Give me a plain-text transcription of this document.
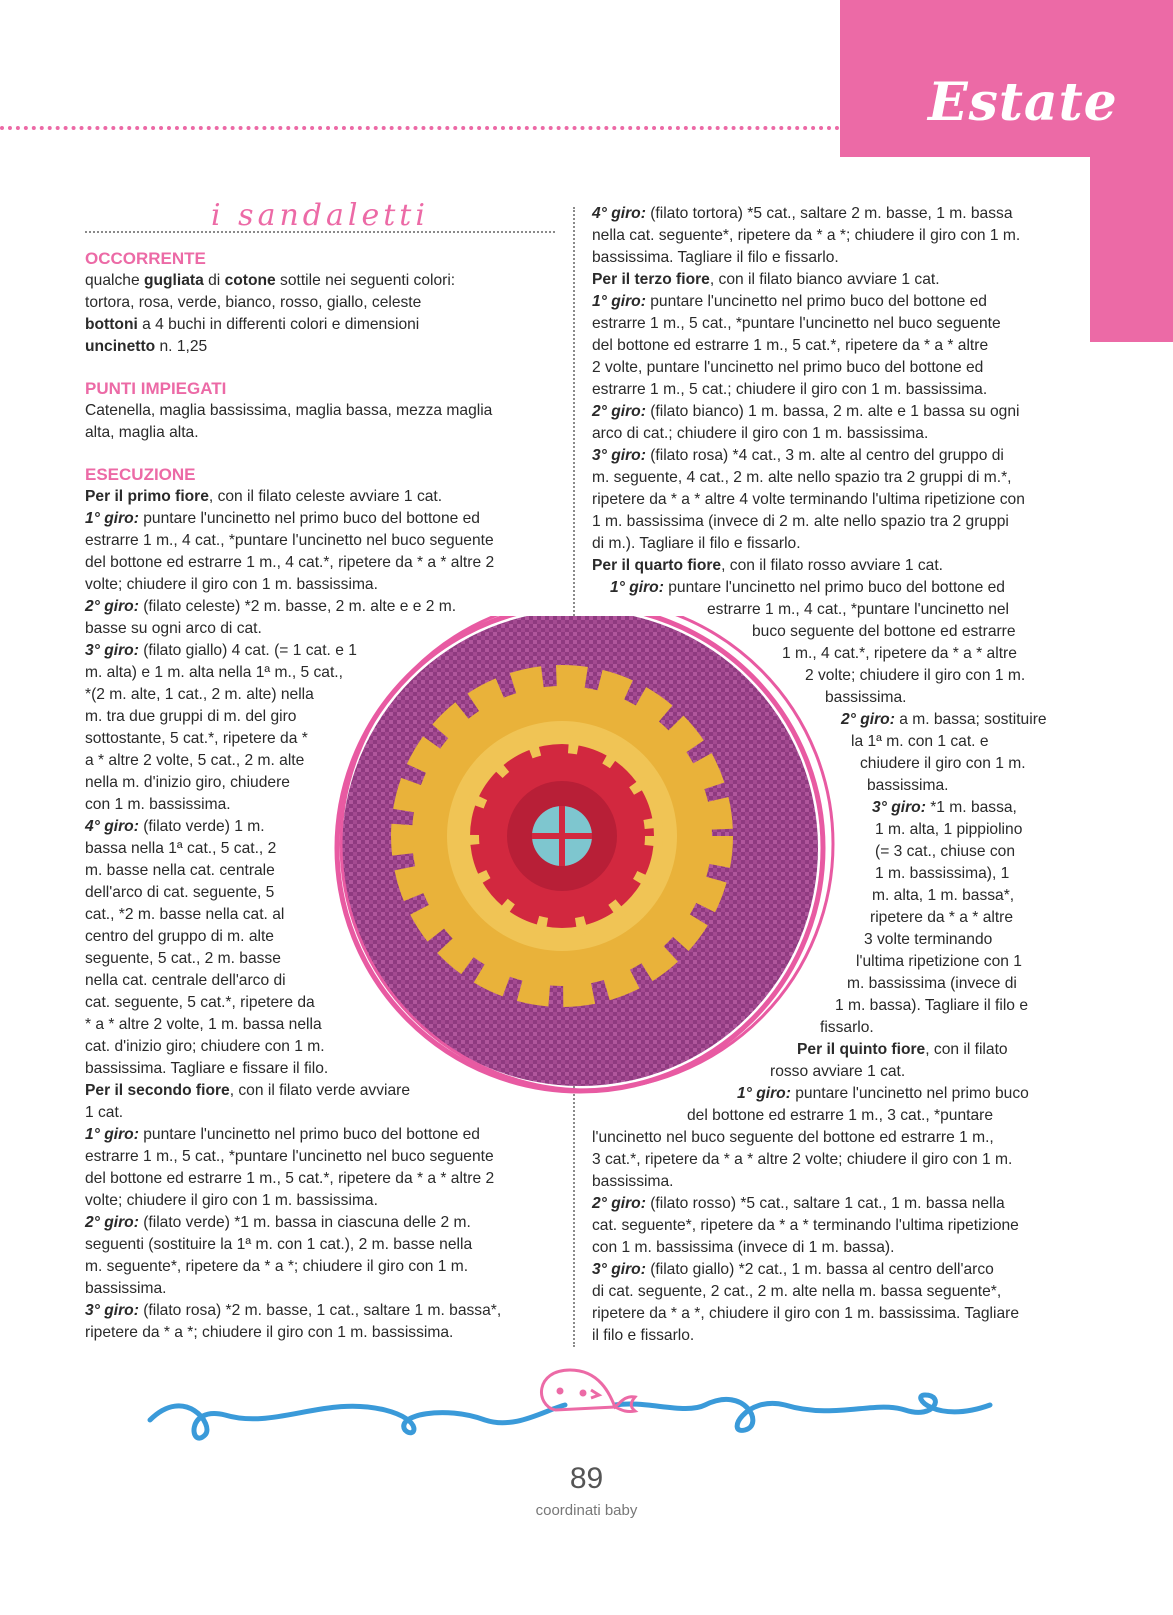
Estate
i sandaletti
OCCORRENTE
qualche gugliata di cotone sottile nei seguenti colori:
tortora, rosa, verde, bianco, rosso, giallo, celeste
bottoni a 4 buchi in differenti colori e dimensioni
uncinetto n. 1,25
PUNTI IMPIEGATI
Catenella, maglia bassissima, maglia bassa, mezza maglia
alta, maglia alta.
ESECUZIONE
Per il primo fiore, con il filato celeste avviare 1 cat.
1° giro: puntare l'uncinetto nel primo buco del bottone ed
estrarre 1 m., 4 cat., *puntare l'uncinetto nel buco seguente
del bottone ed estrarre 1 m., 4 cat.*, ripetere da * a * altre 2
volte; chiudere il giro con 1 m. bassissima.
2° giro: (filato celeste) *2 m. basse, 2 m. alte e e 2 m.
basse su ogni arco di cat.
3° giro: (filato giallo) 4 cat. (= 1 cat. e 1
m. alta) e 1 m. alta nella 1ª m., 5 cat.,
*(2 m. alte, 1 cat., 2 m. alte) nella
m. tra due gruppi di m. del giro
sottostante, 5 cat.*, ripetere da *
a * altre 2 volte, 5 cat., 2 m. alte
nella m. d'inizio giro, chiudere
con 1 m. bassissima.
4° giro: (filato verde) 1 m.
bassa nella 1ª cat., 5 cat., 2
m. basse nella cat. centrale
dell'arco di cat. seguente, 5
cat., *2 m. basse nella cat. al
centro del gruppo di m. alte
seguente, 5 cat., 2 m. basse
nella cat. centrale dell'arco di
cat. seguente, 5 cat.*, ripetere da
* a * altre 2 volte, 1 m. bassa nella
cat. d'inizio giro; chiudere con 1 m.
bassissima. Tagliare e fissare il filo.
Per il secondo fiore, con il filato verde avviare
1 cat.
1° giro: puntare l'uncinetto nel primo buco del bottone ed
estrarre 1 m., 5 cat., *puntare l'uncinetto nel buco seguente
del bottone ed estrarre 1 m., 5 cat.*, ripetere da * a * altre 2
volte; chiudere il giro con 1 m. bassissima.
2° giro: (filato verde) *1 m. bassa in ciascuna delle 2 m.
seguenti (sostituire la 1ª m. con 1 cat.), 2 m. basse nella
m. seguente*, ripetere da * a *; chiudere il giro con 1 m.
bassissima.
3° giro: (filato rosa) *2 m. basse, 1 cat., saltare 1 m. bassa*,
ripetere da * a *; chiudere il giro con 1 m. bassissima.
4° giro: (filato tortora) *5 cat., saltare 2 m. basse, 1 m. bassa
nella cat. seguente*, ripetere da * a *; chiudere il giro con 1 m.
bassissima. Tagliare il filo e fissarlo.
Per il terzo fiore, con il filato bianco avviare 1 cat.
1° giro: puntare l'uncinetto nel primo buco del bottone ed
estrarre 1 m., 5 cat., *puntare l'uncinetto nel buco seguente
del bottone ed estrarre 1 m., 5 cat.*, ripetere da * a * altre
2 volte, puntare l'uncinetto nel primo buco del bottone ed
estrarre 1 m., 5 cat.; chiudere il giro con 1 m. bassissima.
2° giro: (filato bianco) 1 m. bassa, 2 m. alte e 1 bassa su ogni
arco di cat.; chiudere il giro con 1 m. bassissima.
3° giro: (filato rosa) *4 cat., 3 m. alte al centro del gruppo di
m. seguente, 4 cat., 2 m. alte nello spazio tra 2 gruppi di m.*,
ripetere da * a * altre 4 volte terminando l'ultima ripetizione con
1 m. bassissima (invece di 2 m. alte nello spazio tra 2 gruppi
di m.). Tagliare il filo e fissarlo.
Per il quarto fiore, con il filato rosso avviare 1 cat.
1° giro: puntare l'uncinetto nel primo buco del bottone ed
estrarre 1 m., 4 cat., *puntare l'uncinetto nel
buco seguente del bottone ed estrarre
1 m., 4 cat.*, ripetere da * a * altre
2 volte; chiudere il giro con 1 m.
bassissima.
2° giro: a m. bassa; sostituire
la 1ª m. con 1 cat. e
chiudere il giro con 1 m.
bassissima.
3° giro: *1 m. bassa,
1 m. alta, 1 pippiolino
(= 3 cat., chiuse con
1 m. bassissima), 1
m. alta, 1 m. bassa*,
ripetere da * a * altre
3 volte terminando
l'ultima ripetizione con 1
m. bassissima (invece di
1 m. bassa). Tagliare il filo e
fissarlo.
Per il quinto fiore, con il filato
rosso avviare 1 cat.
1° giro: puntare l'uncinetto nel primo buco
del bottone ed estrarre 1 m., 3 cat., *puntare
l'uncinetto nel buco seguente del bottone ed estrarre 1 m.,
3 cat.*, ripetere da * a * altre 2 volte; chiudere il giro con 1 m.
bassissima.
2° giro: (filato rosso) *5 cat., saltare 1 cat., 1 m. bassa nella
cat. seguente*, ripetere da * a * terminando l'ultima ripetizione
con 1 m. bassissima (invece di 1 m. bassa).
3° giro: (filato giallo) *2 cat., 1 m. bassa al centro dell'arco
di cat. seguente, 2 cat., 2 m. alte nella m. bassa seguente*,
ripetere da * a *, chiudere il giro con 1 m. bassissima. Tagliare
il filo e fissarlo.
89
coordinati baby
